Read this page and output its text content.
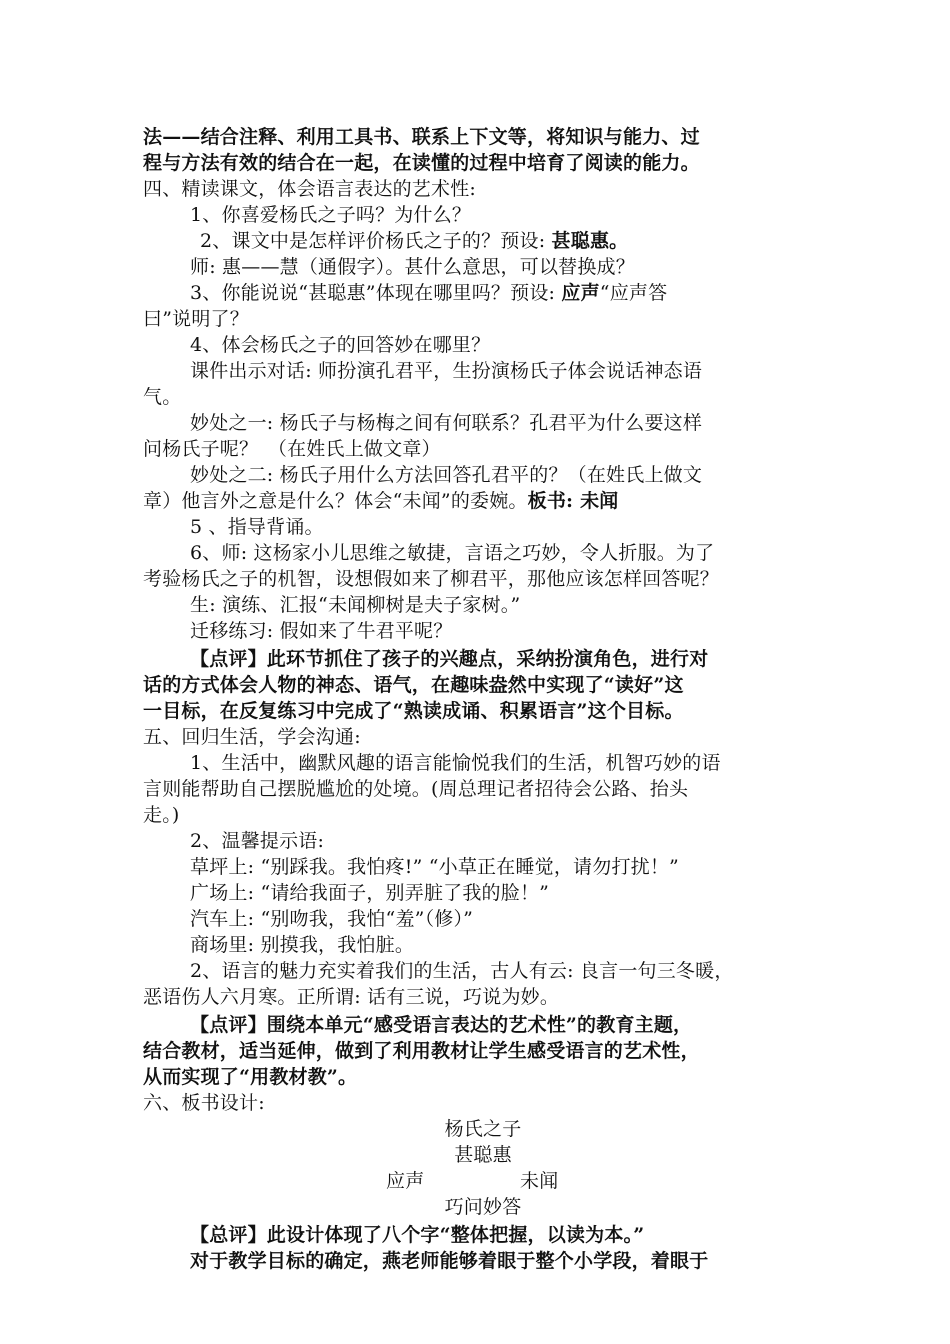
法——结合注释、利用工具书、联系上下文等，将知识与能力、过
程与方法有效的结合在一起，在读懂的过程中培育了阅读的能力。
四、精读课文，体会语言表达的艺术性:
1、你喜爱杨氏之子吗？为什么？
2、课文中是怎样评价杨氏之子的？预设: 甚聪惠。
师: 惠——慧（通假字）。甚什么意思，可以替换成？
3、你能说说“甚聪惠”体现在哪里吗？预设: 应声“应声答
曰”说明了？
4、体会杨氏之子的回答妙在哪里？
课件出示对话: 师扮演孔君平，生扮演杨氏子体会说话神态语
气。
妙处之一: 杨氏子与杨梅之间有何联系？孔君平为什么要这样
问杨氏子呢？　（在姓氏上做文章）
妙处之二: 杨氏子用什么方法回答孔君平的？（在姓氏上做文
章）他言外之意是什么？体会“未闻”的委婉。板书: 未闻
5 、指导背诵。
6、师: 这杨家小儿思维之敏捷，言语之巧妙，令人折服。为了
考验杨氏之子的机智，设想假如来了柳君平，那他应该怎样回答呢？
生: 演练、汇报“未闻柳树是夫子家树。”
迁移练习: 假如来了牛君平呢？
【点评】此环节抓住了孩子的兴趣点，采纳扮演角色，进行对
话的方式体会人物的神态、语气，在趣味盎然中实现了“读好”这
一目标，在反复练习中完成了“熟读成诵、积累语言”这个目标。
五、回归生活，学会沟通:
1、生活中，幽默风趣的语言能愉悦我们的生活，机智巧妙的语
言则能帮助自己摆脱尴尬的处境。(周总理记者招待会公路、抬头
走。)
2、温馨提示语:
草坪上: “别踩我。我怕疼!” “小草正在睡觉，请勿打扰！”
广场上: “请给我面子，别弄脏了我的脸！”
汽车上: “别吻我，我怕“羞”（修）”
商场里: 别摸我，我怕脏。
2、语言的魅力充实着我们的生活，古人有云: 良言一句三冬暖，
恶语伤人六月寒。正所谓: 话有三说，巧说为妙。
【点评】围绕本单元“感受语言表达的艺术性”的教育主题，
结合教材，适当延伸，做到了利用教材让学生感受语言的艺术性，
从而实现了“用教材教”。
六、板书设计:
杨氏之子
甚聪惠
应声	未闻
巧问妙答
【总评】此设计体现了八个字“整体把握，以读为本。”
对于教学目标的确定，燕老师能够着眼于整个小学段，着眼于
